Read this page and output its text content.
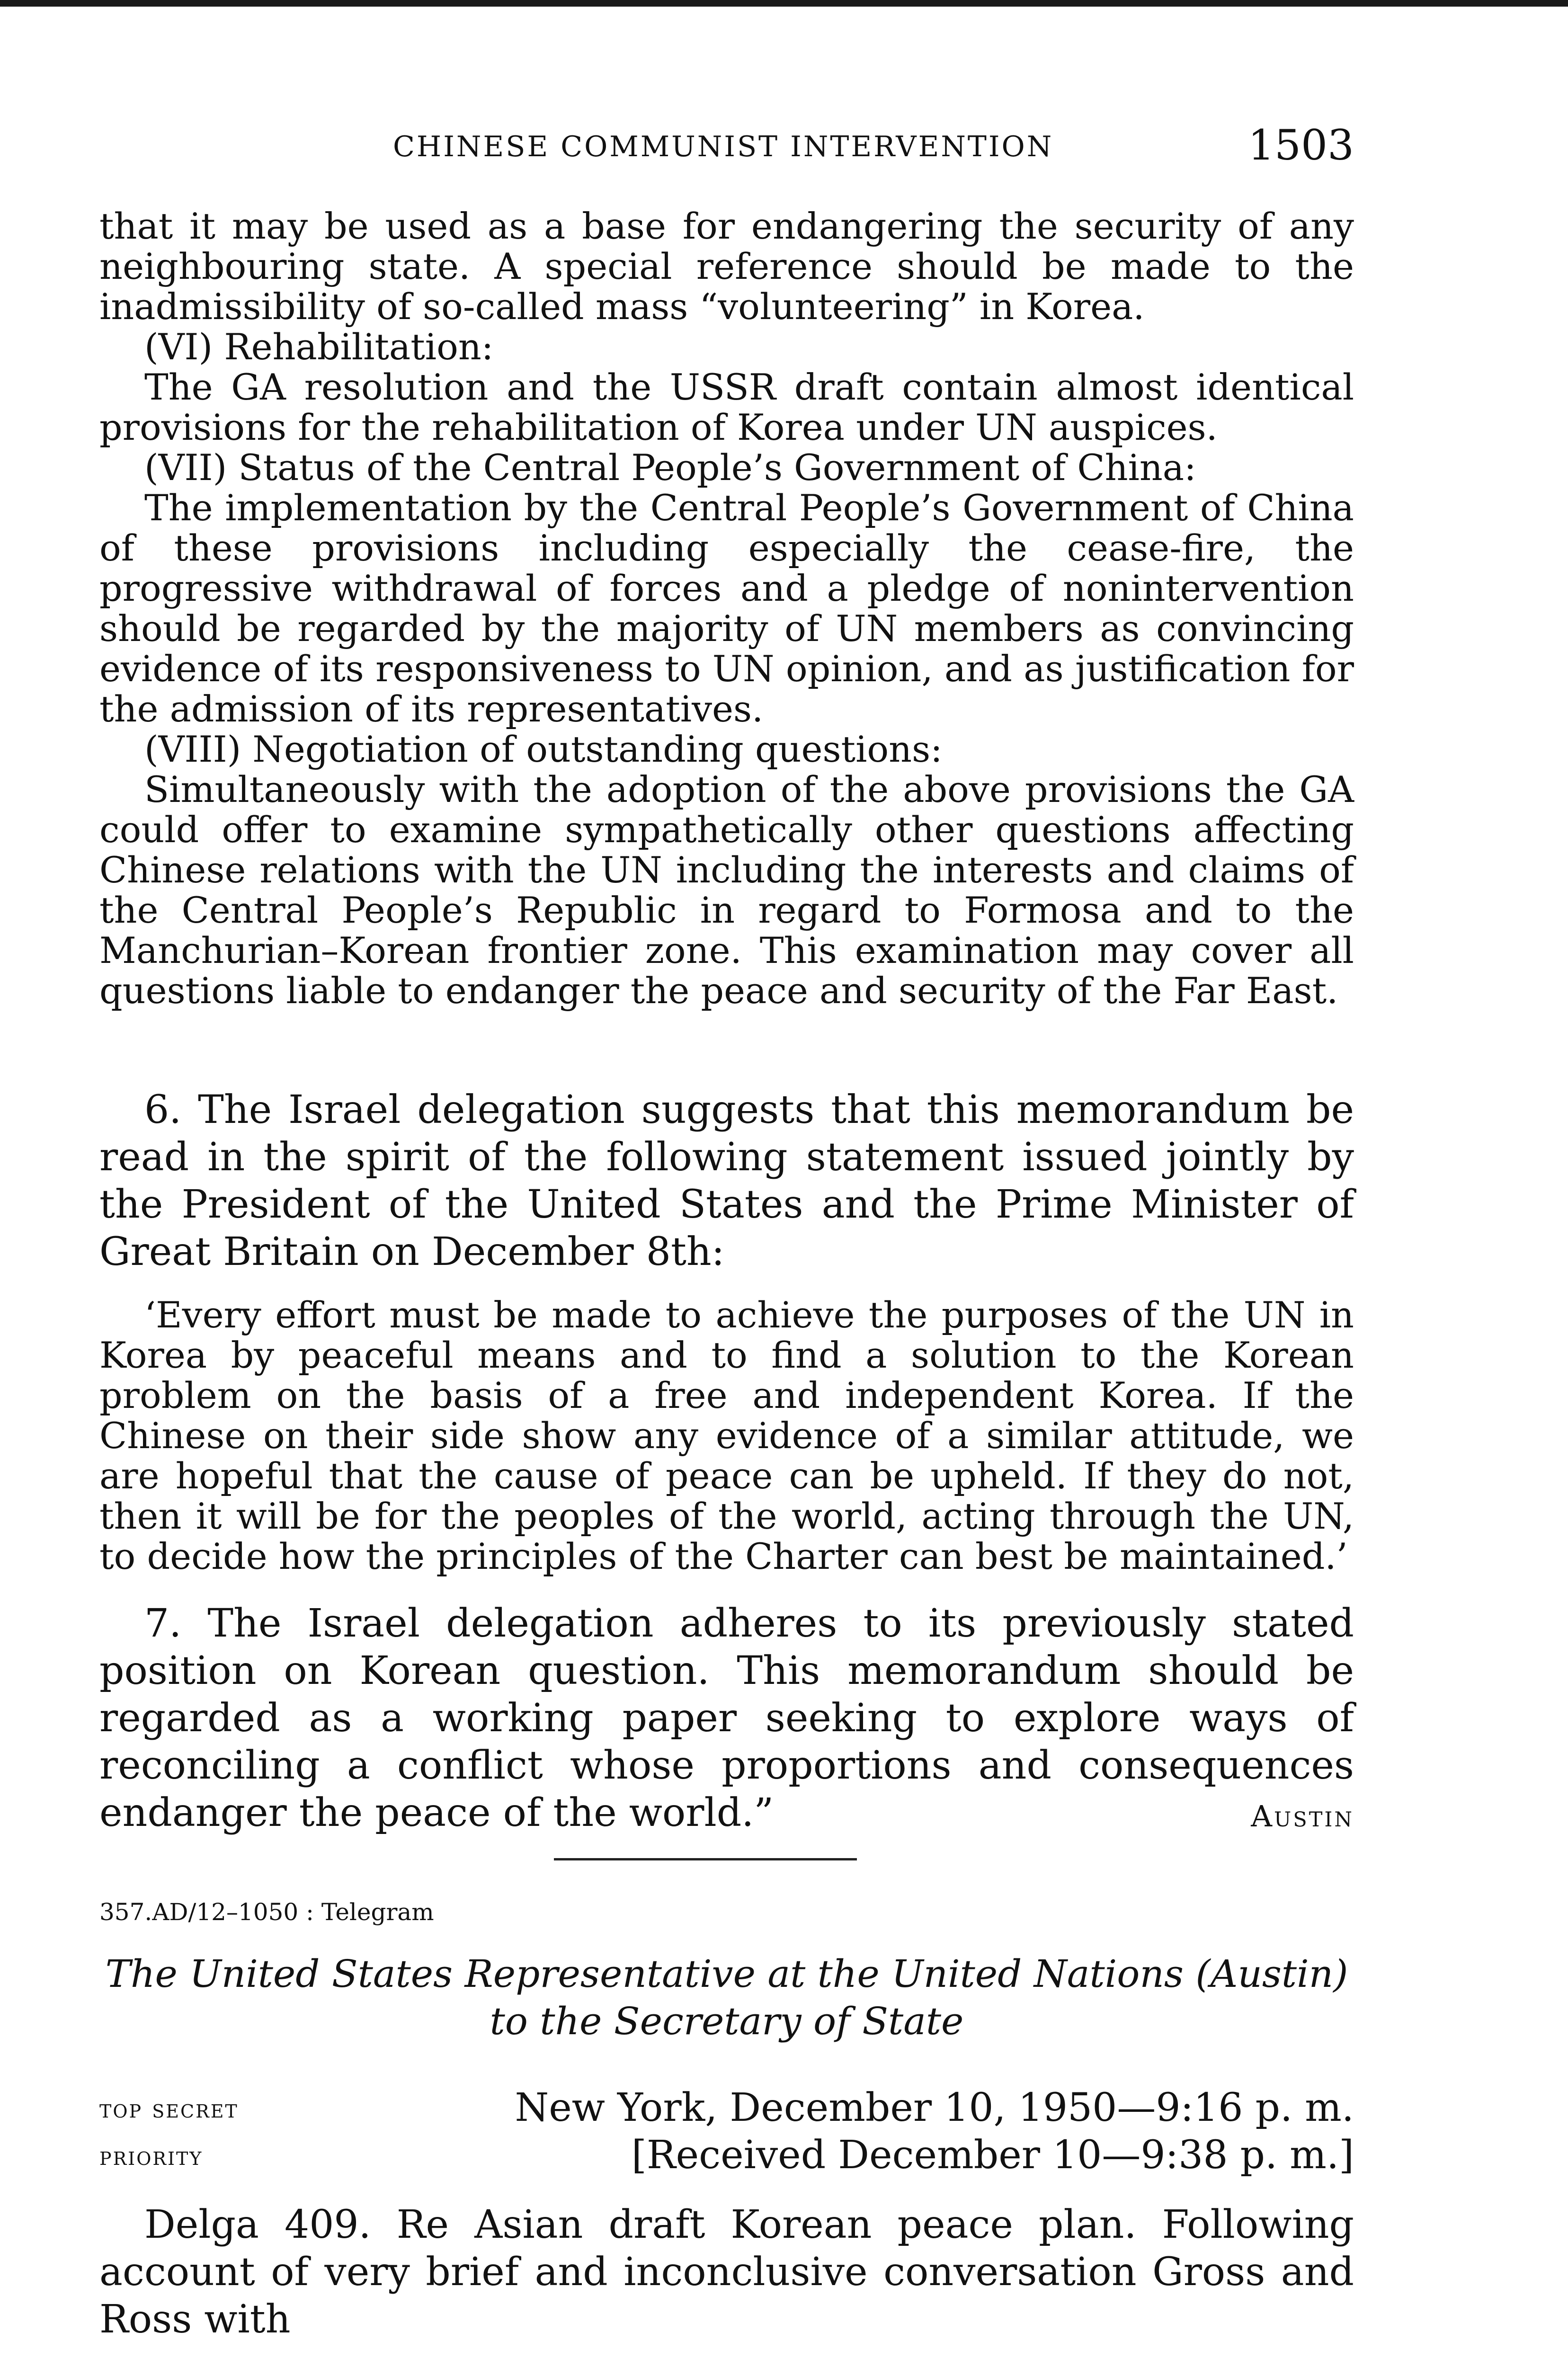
CHINESE COMMUNIST INTERVENTION	1503

that it may be used as a base for endangering the security of any neighbouring state. A special reference should be made to the inadmissibility of so-called mass “volunteering” in Korea.

(VI) Rehabilitation:

The GA resolution and the USSR draft contain almost identical provisions for the rehabilitation of Korea under UN auspices.

(VII) Status of the Central People’s Government of China:

The implementation by the Central People’s Government of China of these provisions including especially the cease-fire, the progressive withdrawal of forces and a pledge of nonintervention should be regarded by the majority of UN members as convincing evidence of its responsiveness to UN opinion, and as justification for the admission of its representatives.

(VIII) Negotiation of outstanding questions:

Simultaneously with the adoption of the above provisions the GA could offer to examine sympathetically other questions affecting Chinese relations with the UN including the interests and claims of the Central People’s Republic in regard to Formosa and to the Manchurian–Korean frontier zone. This examination may cover all questions liable to endanger the peace and security of the Far East.

6. The Israel delegation suggests that this memorandum be read in the spirit of the following statement issued jointly by the President of the United States and the Prime Minister of Great Britain on December 8th:

‘Every effort must be made to achieve the purposes of the UN in Korea by peaceful means and to find a solution to the Korean problem on the basis of a free and independent Korea. If the Chinese on their side show any evidence of a similar attitude, we are hopeful that the cause of peace can be upheld. If they do not, then it will be for the peoples of the world, acting through the UN, to decide how the principles of the Charter can best be maintained.’

7. The Israel delegation adheres to its previously stated position on Korean question. This memorandum should be regarded as a working paper seeking to explore ways of reconciling a conflict whose proportions and consequences endanger the peace of the world.”	Austin
357.AD/12–1050 : Telegram
The United States Representative at the United Nations (Austin)
to the Secretary of State
top secret	New York, December 10, 1950—9:16 p. m.
priority	[Received December 10—9:38 p. m.]

Delga 409. Re Asian draft Korean peace plan. Following account of very brief and inconclusive conversation Gross and Ross with
